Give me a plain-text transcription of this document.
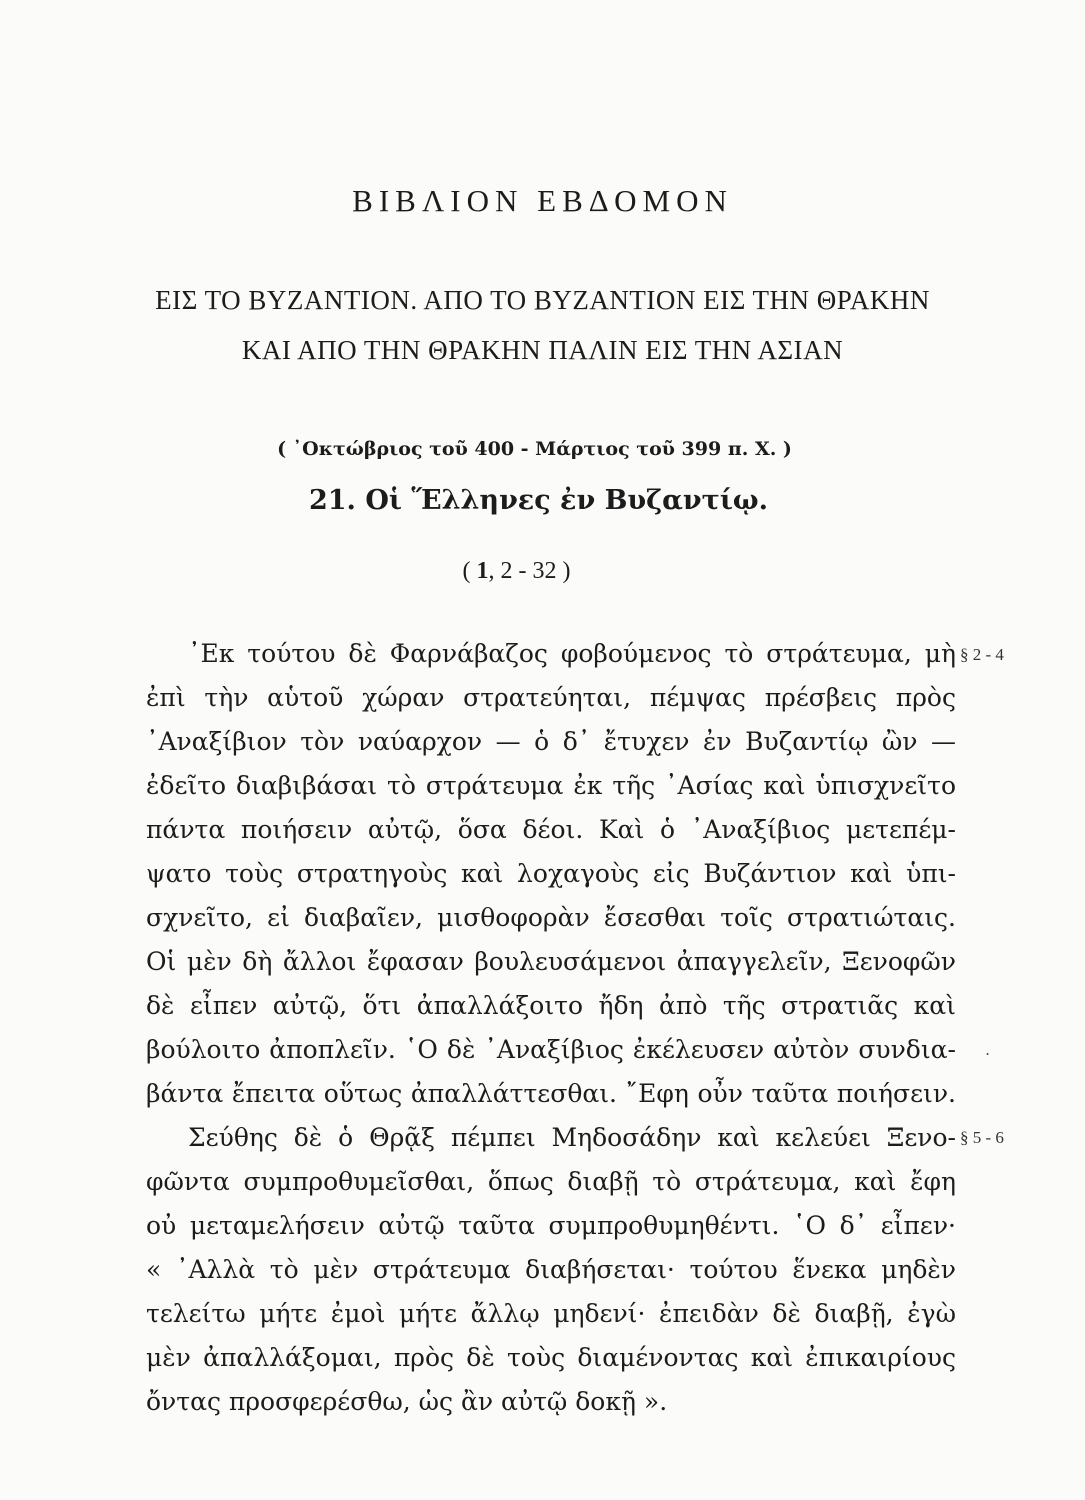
ΒΙΒΛΙΟΝ ΕΒΔΟΜΟΝ
ΕΙΣ ΤΟ ΒΥΖΑΝΤΙΟΝ. ΑΠΟ ΤΟ ΒΥΖΑΝΤΙΟΝ ΕΙΣ ΤΗΝ ΘΡΑΚΗΝ
ΚΑΙ ΑΠΟ ΤΗΝ ΘΡΑΚΗΝ ΠΑΛΙΝ ΕΙΣ ΤΗΝ ΑΣΙΑΝ
( ᾿Οκτώβριος τοῦ 400 - Μάρτιος τοῦ 399 π. Χ. )
21. Οἱ Ἕλληνες ἐν Βυζαντίῳ.
( 1, 2 - 32 )
᾿Εκ τούτου δὲ Φαρνάβαζος φοβούμενος τὸ στράτευμα, μὴ
ἐπὶ τὴν αὑτοῦ χώραν στρατεύηται, πέμψας πρέσβεις πρὸς
᾿Αναξίβιον τὸν ναύαρχον — ὁ δ᾿ ἔτυχεν ἐν Βυζαντίῳ ὢν —
ἐδεῖτο διαβιβάσαι τὸ στράτευμα ἐκ τῆς ᾿Ασίας καὶ ὑπισχνεῖτο
πάντα ποιήσειν αὐτῷ, ὅσα δέοι. Καὶ ὁ ᾿Αναξίβιος μετεπέμ-
ψατο τοὺς στρατηγοὺς καὶ λοχαγοὺς εἰς Βυζάντιον καὶ ὑπι-
σχνεῖτο, εἰ διαβαῖεν, μισθοφορὰν ἔσεσθαι τοῖς στρατιώταις.
Οἱ μὲν δὴ ἄλλοι ἔφασαν βουλευσάμενοι ἀπαγγελεῖν, Ξενοφῶν
δὲ εἶπεν αὐτῷ, ὅτι ἀπαλλάξοιτο ἤδη ἀπὸ τῆς στρατιᾶς καὶ
βούλοιτο ἀποπλεῖν. ῾Ο δὲ ᾿Αναξίβιος ἐκέλευσεν αὐτὸν συνδια-
βάντα ἔπειτα οὕτως ἀπαλλάττεσθαι. ῎Εφη οὖν ταῦτα ποιήσειν.
Σεύθης δὲ ὁ Θρᾷξ πέμπει Μηδοσάδην καὶ κελεύει Ξενο-
φῶντα συμπροθυμεῖσθαι, ὅπως διαβῇ τὸ στράτευμα, καὶ ἔφη
οὐ μεταμελήσειν αὐτῷ ταῦτα συμπροθυμηθέντι. ῾Ο δ᾿ εἶπεν·
« ᾿Αλλὰ τὸ μὲν στράτευμα διαβήσεται· τούτου ἕνεκα μηδὲν
τελείτω μήτε ἐμοὶ μήτε ἄλλῳ μηδενί· ἐπειδὰν δὲ διαβῇ, ἐγὼ
μὲν ἀπαλλάξομαι, πρὸς δὲ τοὺς διαμένοντας καὶ ἐπικαιρίους
ὄντας προσφερέσθω, ὡς ἂν αὐτῷ δοκῇ ».
§ 2 - 4
§ 5 - 6
.
